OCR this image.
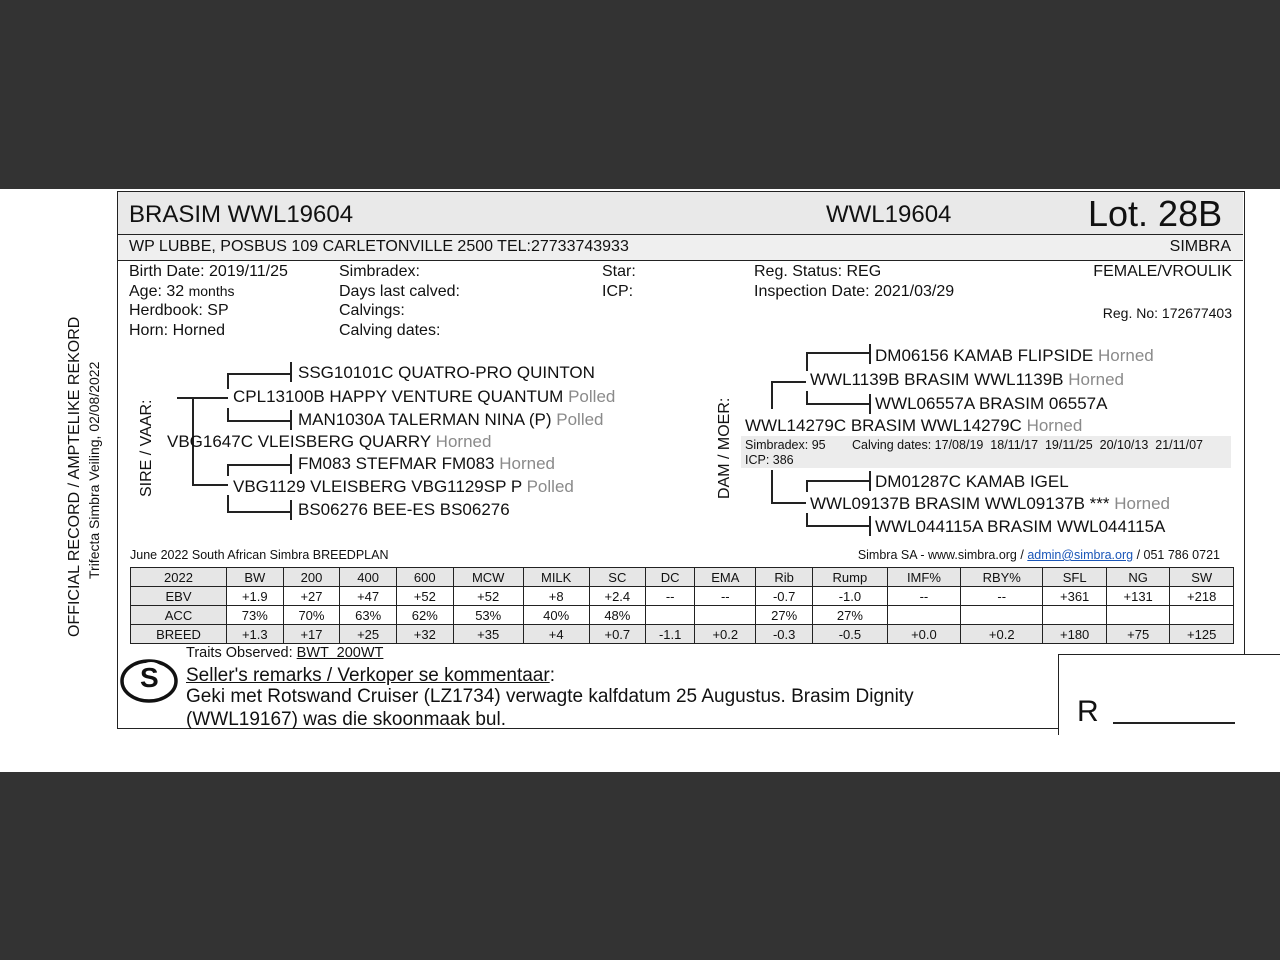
OFFICIAL RECORD / AMPTELIKE REKORD Trifecta Simbra Veiling, 02/08/2022
BRASIM WWL19604	WWL19604	Lot. 28B
WP LUBBE, POSBUS 109 CARLETONVILLE 2500 TEL:27733743933	SIMBRA
Birth Date: 2019/11/25
Age: 32 months
Herdbook: SP
Horn: Horned
Simbradex:
Days last calved:
Calvings:
Calving dates:
Star:
ICP:
Reg. Status: REG
Inspection Date: 2021/03/29
FEMALE/VROULIK
Reg. No: 172677403
SIRE / VAAR:
SSG10101C QUATRO-PRO QUINTON
CPL13100B HAPPY VENTURE QUANTUM Polled
MAN1030A TALERMAN NINA (P) Polled
VBG1647C VLEISBERG QUARRY Horned
FM083 STEFMAR FM083 Horned
VBG1129 VLEISBERG VBG1129SP P Polled
BS06276 BEE-ES BS06276
DAM / MOER:
DM06156 KAMAB FLIPSIDE Horned
WWL1139B BRASIM WWL1139B Horned
WWL06557A BRASIM 06557A
WWL14279C BRASIM WWL14279C Horned
Simbradex: 95 Calving dates: 17/08/19  18/11/17  19/11/25  20/10/13  21/11/07
ICP: 386
DM01287C KAMAB IGEL
WWL09137B BRASIM WWL09137B *** Horned
WWL044115A BRASIM WWL044115A
June 2022 South African Simbra BREEDPLAN	Simbra SA - www.simbra.org / admin@simbra.org / 051 786 0721
2022	BW	200	400	600	MCW	MILK	SC	DC	EMA	Rib	Rump	IMF%	RBY%	SFL	NG	SW
EBV	+1.9	+27	+47	+52	+52	+8	+2.4	--	--	-0.7	-1.0	--	--	+361	+131	+218
ACC	73%	70%	63%	62%	53%	40%	48%			27%	27%					
BREED	+1.3	+17	+25	+32	+35	+4	+0.7	-1.1	+0.2	-0.3	-0.5	+0.0	+0.2	+180	+75	+125
S
Traits Observed: BWT  200WT
Seller's remarks / Verkoper se kommentaar:
Geki met Rotswand Cruiser (LZ1734) verwagte kalfdatum 25 Augustus. Brasim Dignity
(WWL19167) was die skoonmaak bul.	R
